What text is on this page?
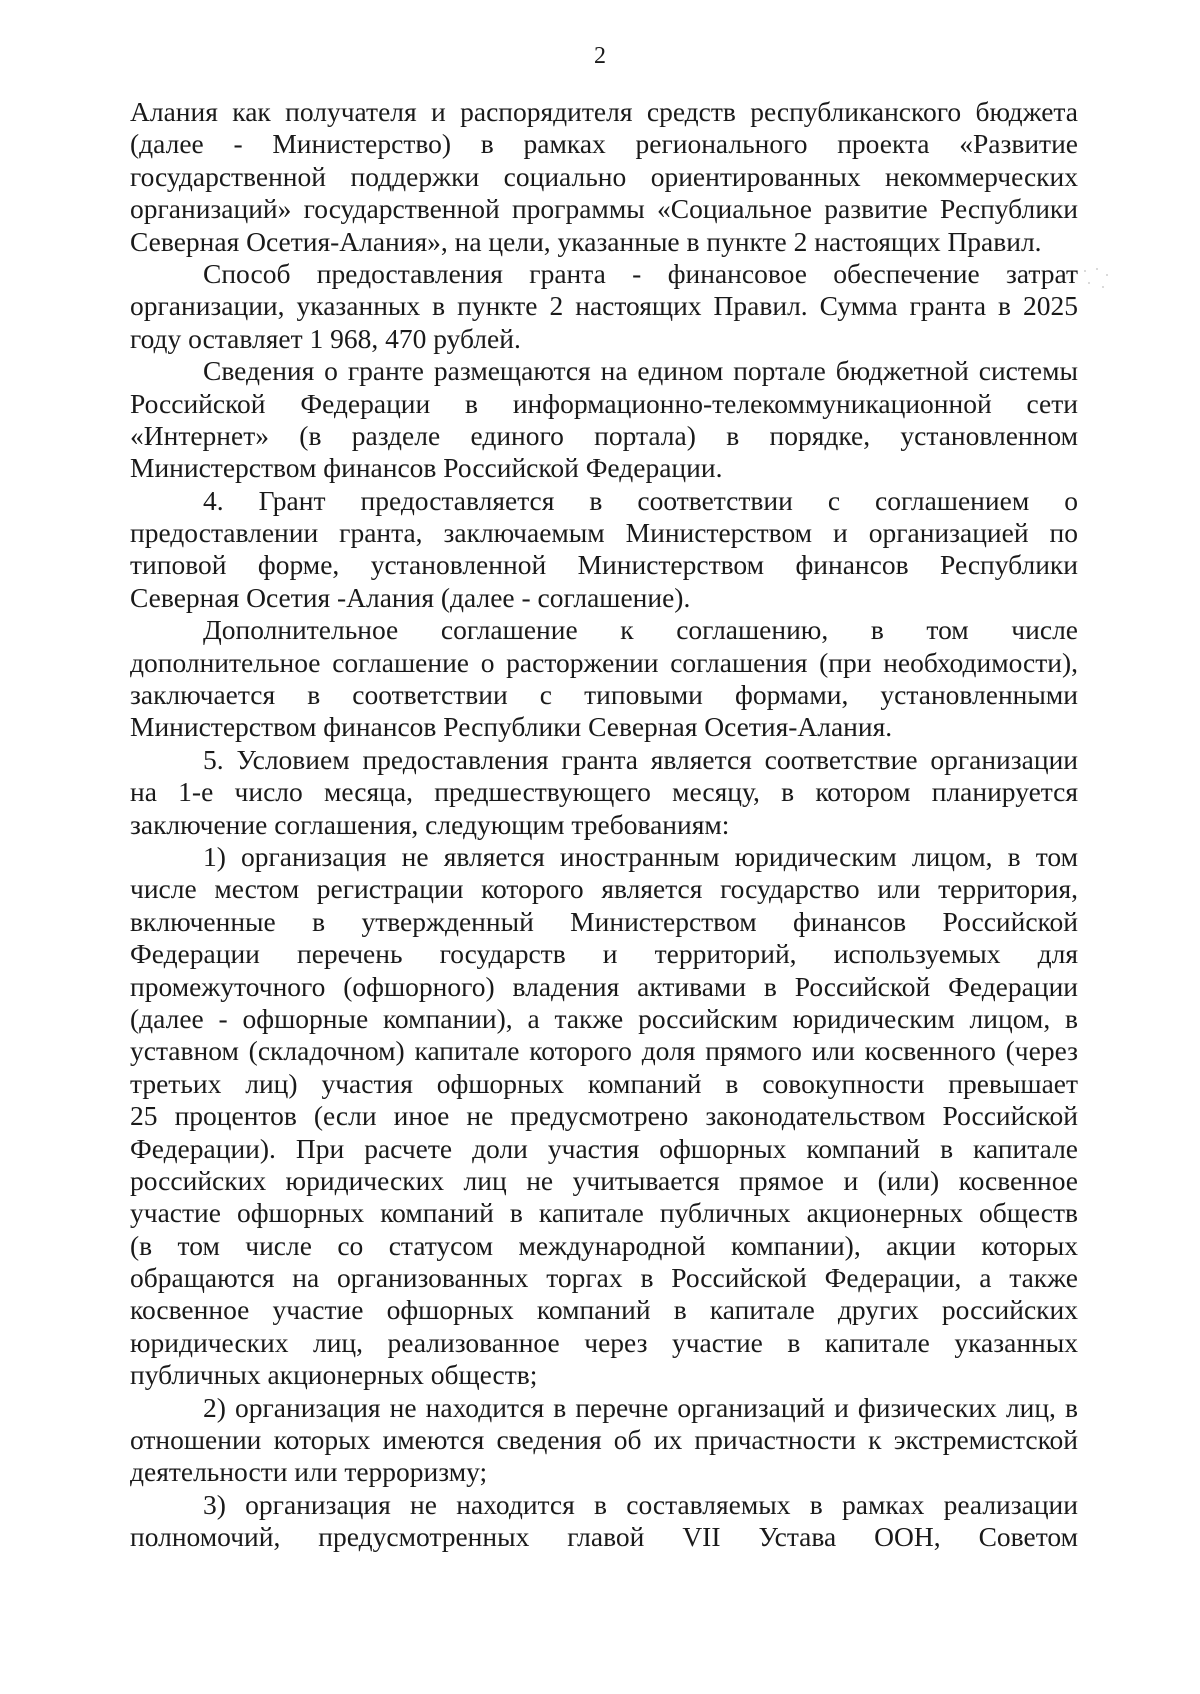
2
Алания как получателя и распорядителя средств республиканского бюджета
(далее - Министерство) в рамках регионального проекта «Развитие
государственной поддержки социально ориентированных некоммерческих
организаций» государственной программы «Социальное развитие Республики
Северная Осетия-Алания», на цели, указанные в пункте 2 настоящих Правил.
Способ предоставления гранта - финансовое обеспечение затрат
организации, указанных в пункте 2 настоящих Правил. Сумма гранта в 2025
году оставляет 1 968, 470 рублей.
Сведения о гранте размещаются на едином портале бюджетной системы
Российской Федерации в информационно-телекоммуникационной сети
«Интернет» (в разделе единого портала) в порядке, установленном
Министерством финансов Российской Федерации.
4. Грант предоставляется в соответствии с соглашением о
предоставлении гранта, заключаемым Министерством и организацией по
типовой форме, установленной Министерством финансов Республики
Северная Осетия -Алания (далее - соглашение).
Дополнительное соглашение к соглашению, в том числе
дополнительное соглашение о расторжении соглашения (при необходимости),
заключается в соответствии с типовыми формами, установленными
Министерством финансов Республики Северная Осетия-Алания.
5. Условием предоставления гранта является соответствие организации
на 1-е число месяца, предшествующего месяцу, в котором планируется
заключение соглашения, следующим требованиям:
1) организация не является иностранным юридическим лицом, в том
числе местом регистрации которого является государство или территория,
включенные в утвержденный Министерством финансов Российской
Федерации перечень государств и территорий, используемых для
промежуточного (офшорного) владения активами в Российской Федерации
(далее - офшорные компании), а также российским юридическим лицом, в
уставном (складочном) капитале которого доля прямого или косвенного (через
третьих лиц) участия офшорных компаний в совокупности превышает
25 процентов (если иное не предусмотрено законодательством Российской
Федерации). При расчете доли участия офшорных компаний в капитале
российских юридических лиц не учитывается прямое и (или) косвенное
участие офшорных компаний в капитале публичных акционерных обществ
(в том числе со статусом международной компании), акции которых
обращаются на организованных торгах в Российской Федерации, а также
косвенное участие офшорных компаний в капитале других российских
юридических лиц, реализованное через участие в капитале указанных
публичных акционерных обществ;
2) организация не находится в перечне организаций и физических лиц, в
отношении которых имеются сведения об их причастности к экстремистской
деятельности или терроризму;
3) организация не находится в составляемых в рамках реализации
полномочий, предусмотренных главой VII Устава ООН, Советом
